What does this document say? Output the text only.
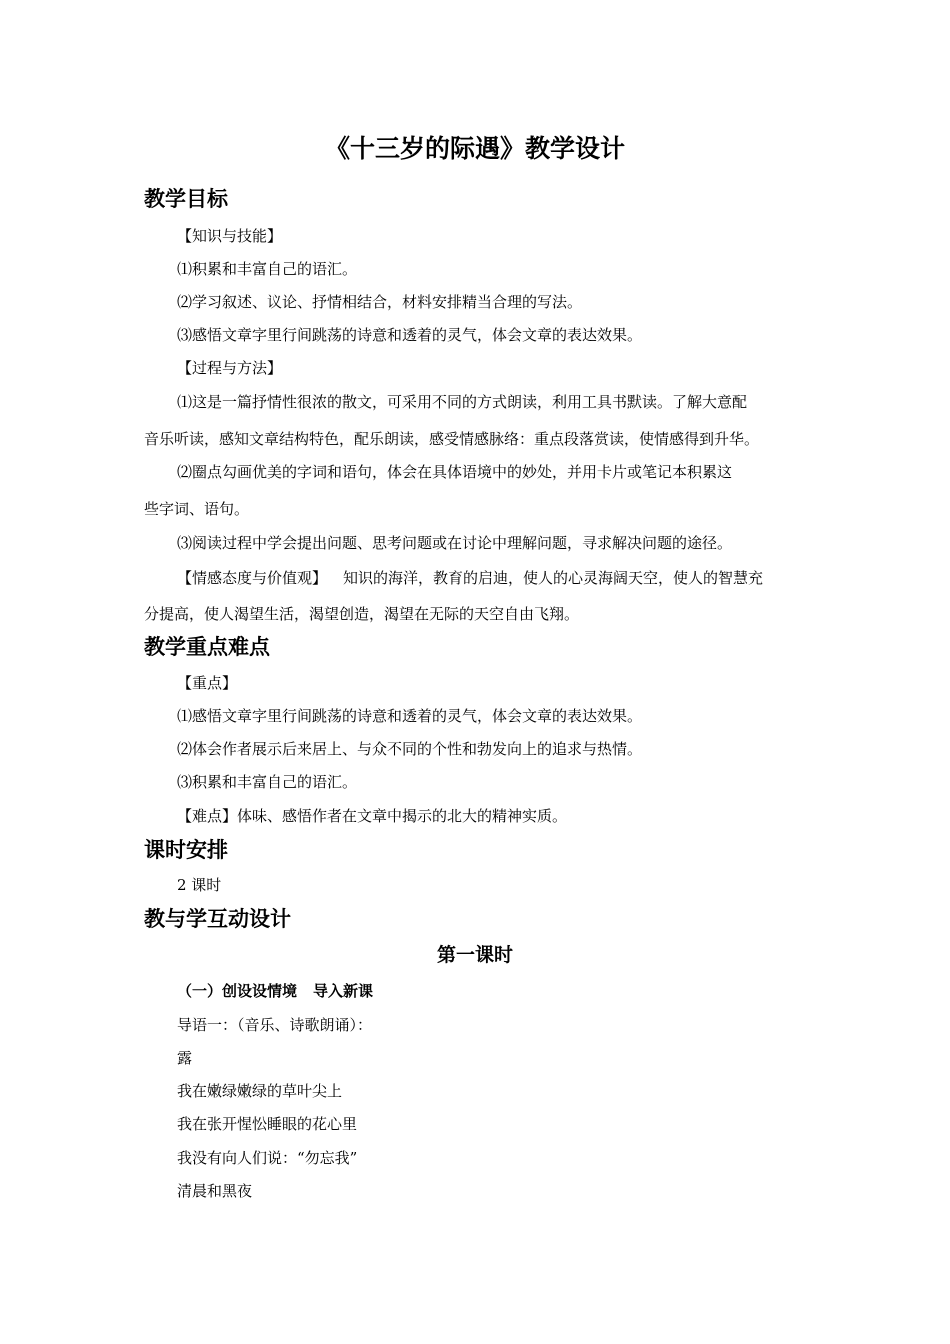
《十三岁的际遇》教学设计
教学目标

【知识与技能】

⑴积累和丰富自己的语汇。

⑵学习叙述、议论、抒情相结合，材料安排精当合理的写法。

⑶感悟文章字里行间跳荡的诗意和透着的灵气，体会文章的表达效果。

【过程与方法】

⑴这是一篇抒情性很浓的散文，可采用不同的方式朗读，利用工具书默读。了解大意配

音乐听读，感知文章结构特色，配乐朗读，感受情感脉络：重点段落赏读，使情感得到升华。

⑵圈点勾画优美的字词和语句，体会在具体语境中的妙处，并用卡片或笔记本积累这

些字词、语句。

⑶阅读过程中学会提出问题、思考问题或在讨论中理解问题，寻求解决问题的途径。

【情感态度与价值观】 知识的海洋，教育的启迪，使人的心灵海阔天空，使人的智慧充

分提高，使人渴望生活，渴望创造，渴望在无际的天空自由飞翔。

教学重点难点

【重点】

⑴感悟文章字里行间跳荡的诗意和透着的灵气，体会文章的表达效果。

⑵体会作者展示后来居上、与众不同的个性和勃发向上的追求与热情。

⑶积累和丰富自己的语汇。

【难点】体味、感悟作者在文章中揭示的北大的精神实质。

课时安排

2 课时

教与学互动设计

第一课时

（一）创设设情境 导入新课

导语一：（音乐、诗歌朗诵）：

露

我在嫩绿嫩绿的草叶尖上

我在张开惺忪睡眼的花心里

我没有向人们说：“勿忘我”

清晨和黑夜
